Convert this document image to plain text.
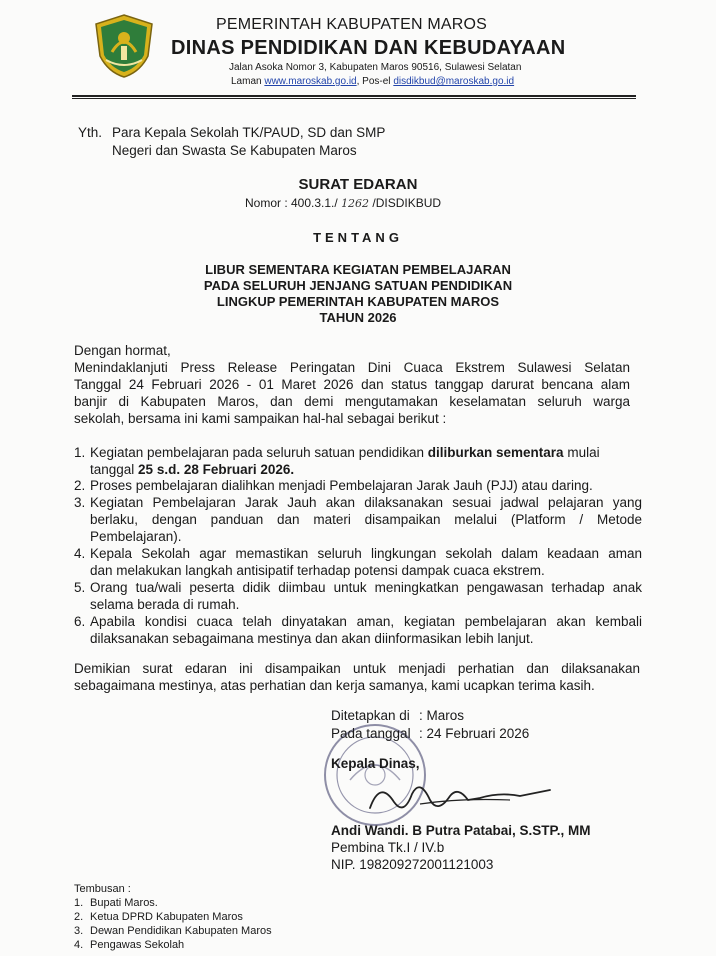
PEMERINTAH KABUPATEN MAROS
DINAS PENDIDIKAN DAN KEBUDAYAAN
Jalan Asoka Nomor 3, Kabupaten Maros 90516, Sulawesi Selatan
Laman www.maroskab.go.id, Pos-el disdikbud@maroskab.go.id
Yth. Para Kepala Sekolah TK/PAUD, SD dan SMP
Negeri dan Swasta Se Kabupaten Maros
SURAT EDARAN
Nomor : 400.3.1./ 1262 /DISDIKBUD
TENTANG
LIBUR SEMENTARA KEGIATAN PEMBELAJARAN
PADA SELURUH JENJANG SATUAN PENDIDIKAN
LINGKUP PEMERINTAH KABUPATEN MAROS
TAHUN 2026
Dengan hormat,
Menindaklanjuti Press Release Peringatan Dini Cuaca Ekstrem Sulawesi Selatan
Tanggal 24 Februari 2026 - 01 Maret 2026 dan status tanggap darurat bencana alam
banjir di Kabupaten Maros, dan demi mengutamakan keselamatan seluruh warga
sekolah, bersama ini kami sampaikan hal-hal sebagai berikut :
1. Kegiatan pembelajaran pada seluruh satuan pendidikan diliburkan sementara mulai
tanggal 25 s.d. 28 Februari 2026.
2. Proses pembelajaran dialihkan menjadi Pembelajaran Jarak Jauh (PJJ) atau daring.
3. Kegiatan Pembelajaran Jarak Jauh akan dilaksanakan sesuai jadwal pelajaran yang
berlaku, dengan panduan dan materi disampaikan melalui (Platform / Metode
Pembelajaran).
4. Kepala Sekolah agar memastikan seluruh lingkungan sekolah dalam keadaan aman
dan melakukan langkah antisipatif terhadap potensi dampak cuaca ekstrem.
5. Orang tua/wali peserta didik diimbau untuk meningkatkan pengawasan terhadap anak
selama berada di rumah.
6. Apabila kondisi cuaca telah dinyatakan aman, kegiatan pembelajaran akan kembali
dilaksanakan sebagaimana mestinya dan akan diinformasikan lebih lanjut.
Demikian surat edaran ini disampaikan untuk menjadi perhatian dan dilaksanakan
sebagaimana mestinya, atas perhatian dan kerja samanya, kami ucapkan terima kasih.
Ditetapkan di : Maros
Pada tanggal : 24 Februari 2026
Kepala Dinas,
Andi Wandi. B Putra Patabai, S.STP., MM
Pembina Tk.I / IV.b
NIP. 198209272001121003
Tembusan :
1. Bupati Maros.
2. Ketua DPRD Kabupaten Maros
3. Dewan Pendidikan Kabupaten Maros
4. Pengawas Sekolah
